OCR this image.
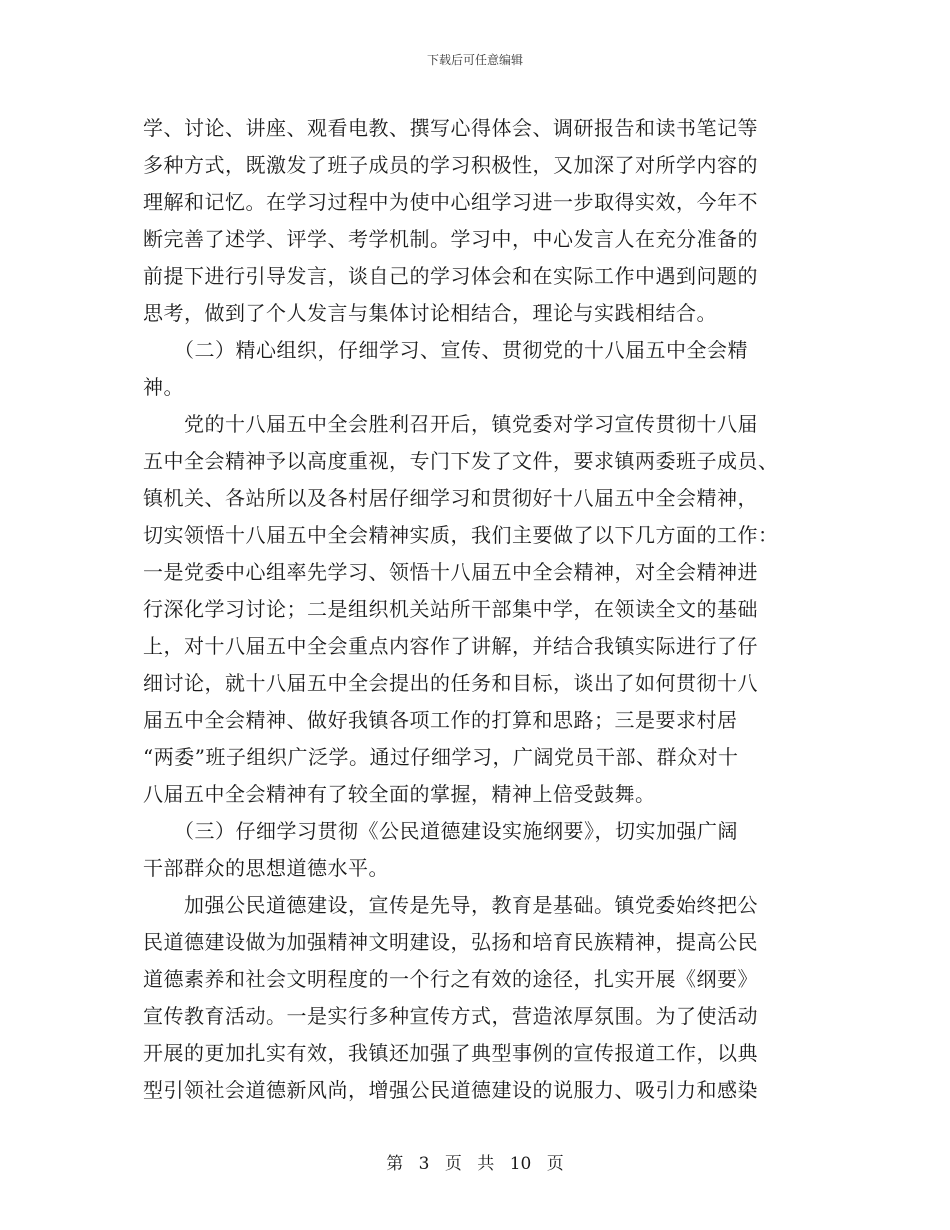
下载后可任意编辑
学、讨论、讲座、观看电教、撰写心得体会、调研报告和读书笔记等
多种方式，既激发了班子成员的学习积极性，又加深了对所学内容的
理解和记忆。在学习过程中为使中心组学习进一步取得实效，今年不
断完善了述学、评学、考学机制。学习中，中心发言人在充分准备的
前提下进行引导发言，谈自己的学习体会和在实际工作中遇到问题的
思考，做到了个人发言与集体讨论相结合，理论与实践相结合。
　　（二）精心组织，仔细学习、宣传、贯彻党的十八届五中全会精
神。
　　党的十八届五中全会胜利召开后，镇党委对学习宣传贯彻十八届
五中全会精神予以高度重视，专门下发了文件，要求镇两委班子成员、
镇机关、各站所以及各村居仔细学习和贯彻好十八届五中全会精神，
切实领悟十八届五中全会精神实质，我们主要做了以下几方面的工作：
一是党委中心组率先学习、领悟十八届五中全会精神，对全会精神进
行深化学习讨论；二是组织机关站所干部集中学，在领读全文的基础
上，对十八届五中全会重点内容作了讲解，并结合我镇实际进行了仔
细讨论，就十八届五中全会提出的任务和目标，谈出了如何贯彻十八
届五中全会精神、做好我镇各项工作的打算和思路；三是要求村居
“两委”班子组织广泛学。通过仔细学习，广阔党员干部、群众对十
八届五中全会精神有了较全面的掌握，精神上倍受鼓舞。
　　（三）仔细学习贯彻《公民道德建设实施纲要》，切实加强广阔
干部群众的思想道德水平。
　　加强公民道德建设，宣传是先导，教育是基础。镇党委始终把公
民道德建设做为加强精神文明建设，弘扬和培育民族精神，提高公民
道德素养和社会文明程度的一个行之有效的途径，扎实开展《纲要》
宣传教育活动。一是实行多种宣传方式，营造浓厚氛围。为了使活动
开展的更加扎实有效，我镇还加强了典型事例的宣传报道工作，以典
型引领社会道德新风尚，增强公民道德建设的说服力、吸引力和感染
第 3 页 共 10 页
